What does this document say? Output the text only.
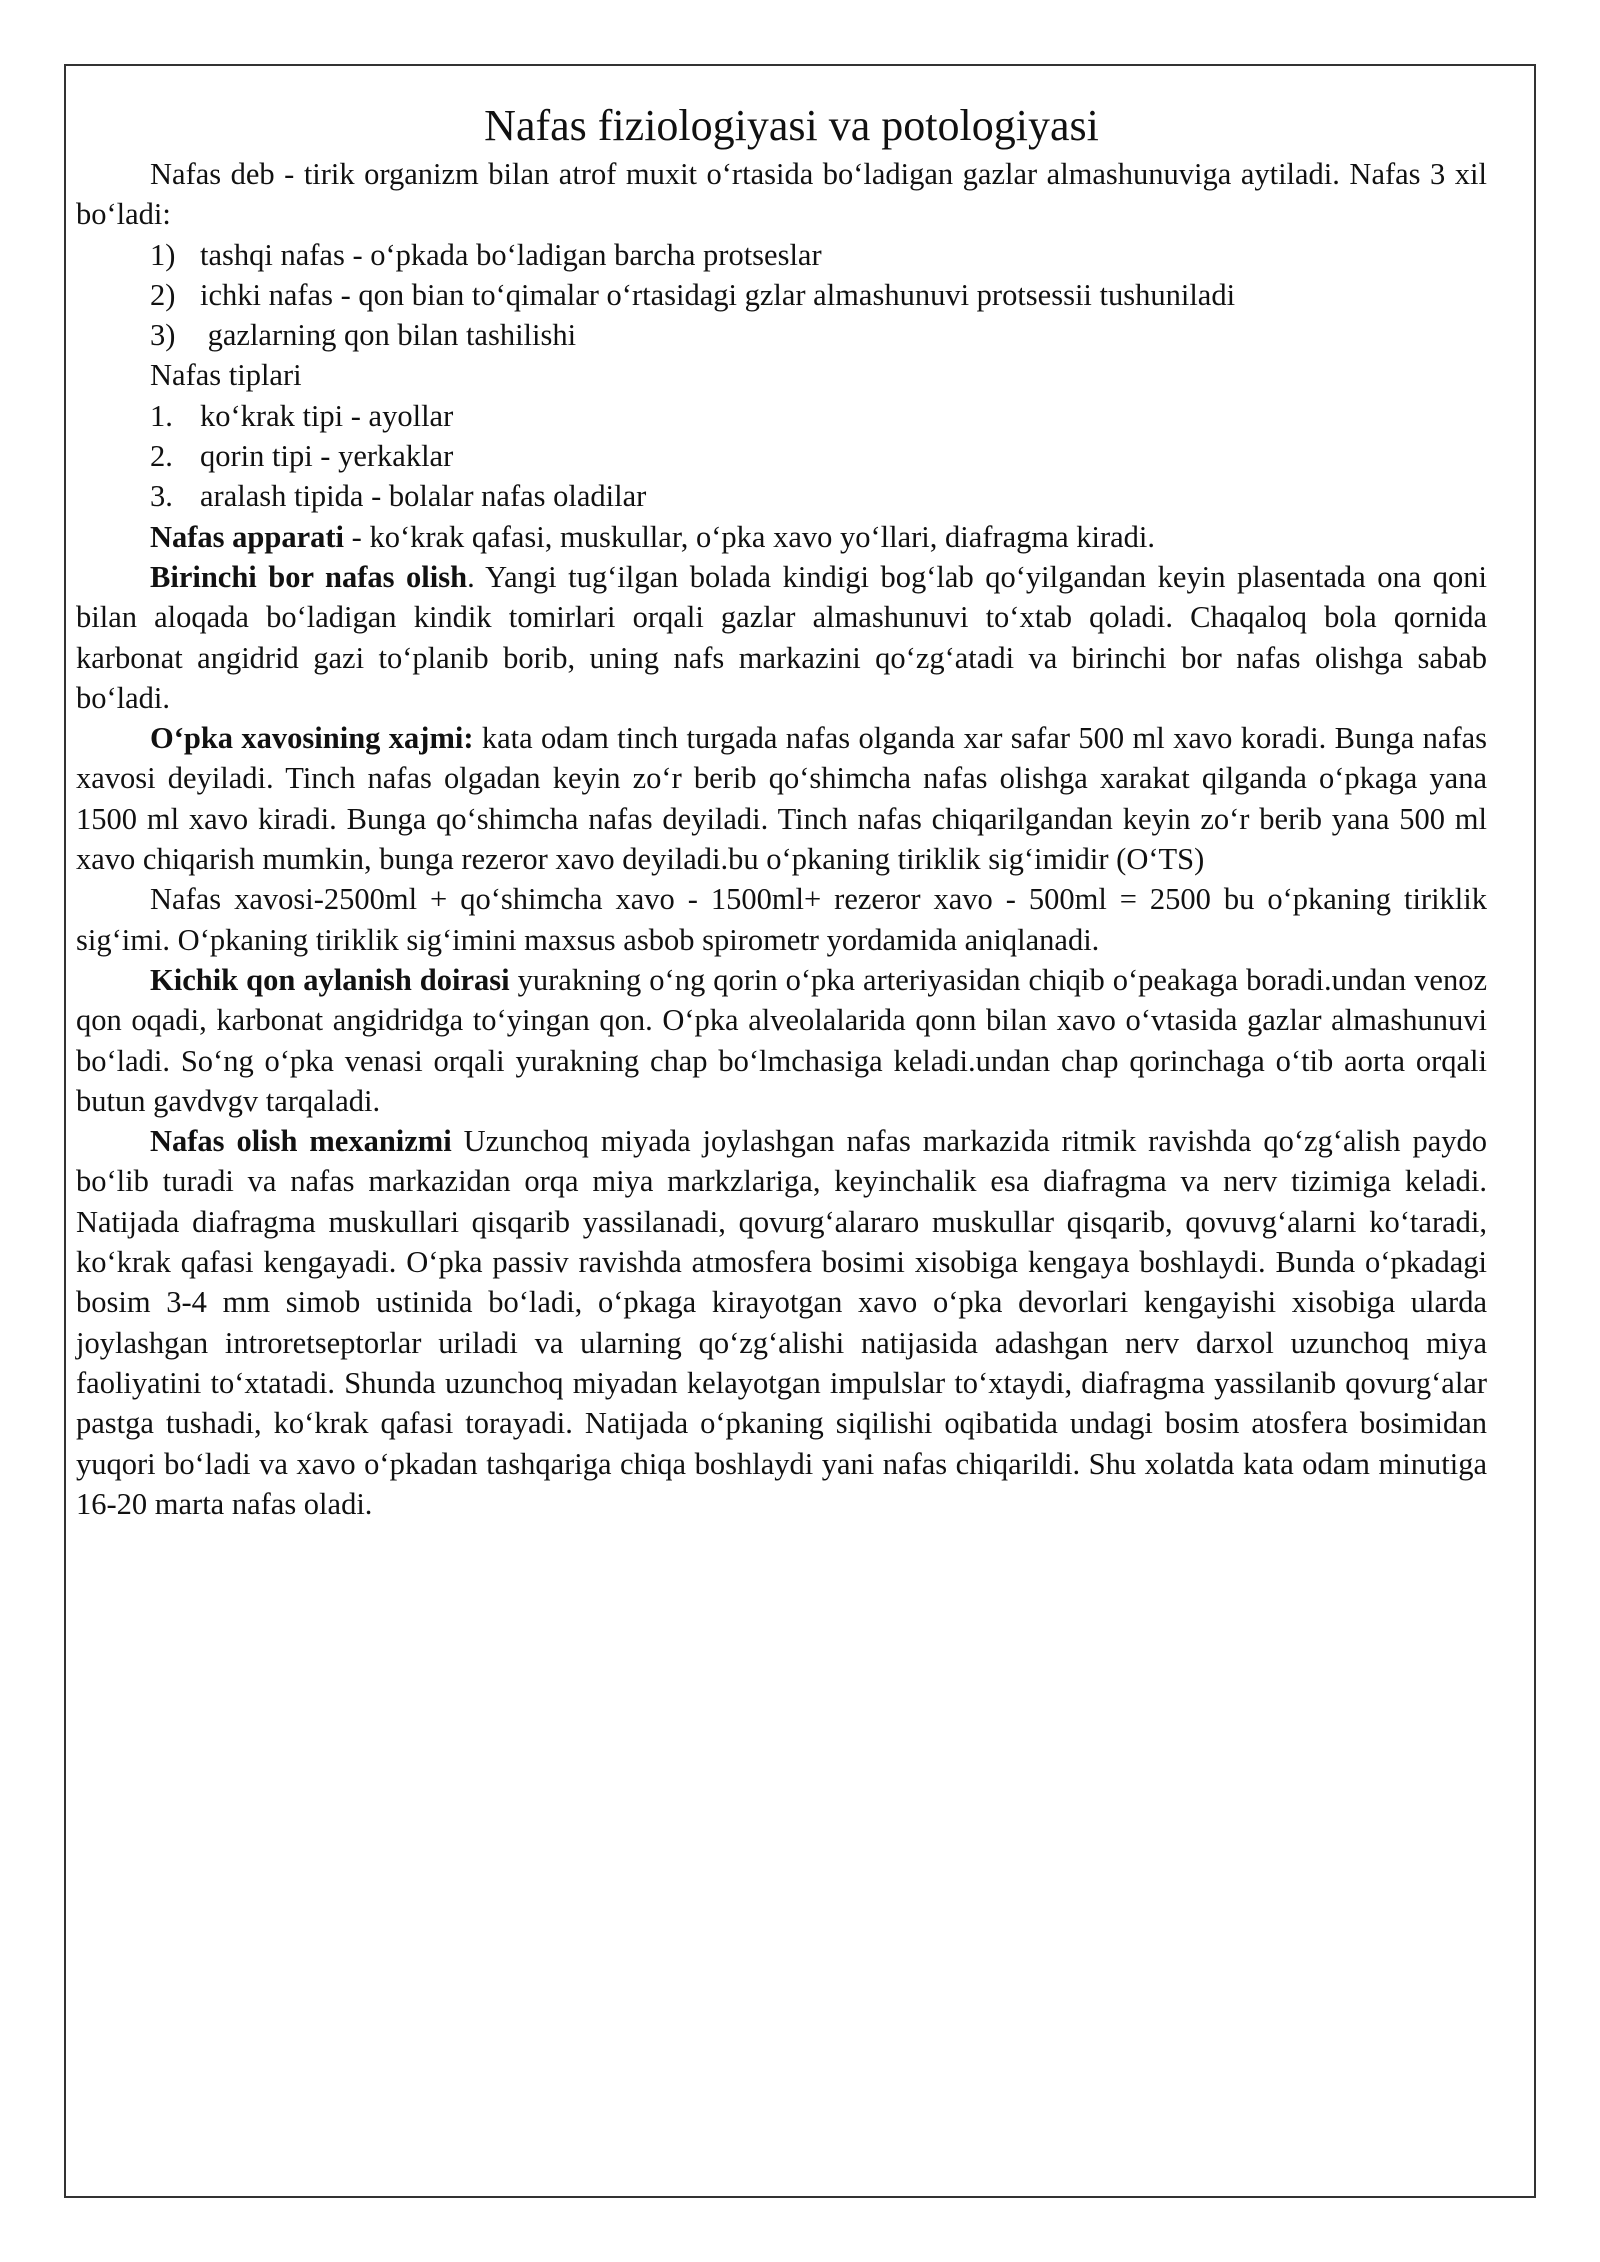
Nafas fiziologiyasi va potologiyasi

Nafas deb - tirik organizm bilan atrof muxit o‘rtasida bo‘ladigan gazlar almashunuviga aytiladi. Nafas 3 xil bo‘ladi:

1) tashqi nafas - o‘pkada bo‘ladigan barcha protseslar
2) ichki nafas - qon bian to‘qimalar o‘rtasidagi gzlar almashunuvi protsessii tushuniladi
3) gazlarning qon bilan tashilishi

Nafas tiplari

1. ko‘krak tipi - ayollar
2. qorin tipi - yerkaklar
3. aralash tipida - bolalar nafas oladilar

Nafas apparati - ko‘krak qafasi, muskullar, o‘pka xavo yo‘llari, diafragma kiradi.

Birinchi bor nafas olish. Yangi tug‘ilgan bolada kindigi bog‘lab qo‘yilgandan keyin plasentada ona qoni bilan aloqada bo‘ladigan kindik tomirlari orqali gazlar almashunuvi to‘xtab qoladi. Chaqaloq bola qornida karbonat angidrid gazi to‘planib borib, uning nafs markazini qo‘zg‘atadi va birinchi bor nafas olishga sabab bo‘ladi.

O‘pka xavosining xajmi: kata odam tinch turgada nafas olganda xar safar 500 ml xavo koradi. Bunga nafas xavosi deyiladi. Tinch nafas olgadan keyin zo‘r berib qo‘shimcha nafas olishga xarakat qilganda o‘pkaga yana 1500 ml xavo kiradi. Bunga qo‘shimcha nafas deyiladi. Tinch nafas chiqarilgandan keyin zo‘r berib yana 500 ml xavo chiqarish mumkin, bunga rezeror xavo deyiladi.bu o‘pkaning tiriklik sig‘imidir (O‘TS)

Nafas xavosi-2500ml + qo‘shimcha xavo - 1500ml+ rezeror xavo - 500ml = 2500 bu o‘pkaning tiriklik sig‘imi. O‘pkaning tiriklik sig‘imini maxsus asbob spirometr yordamida aniqlanadi.

Kichik qon aylanish doirasi yurakning o‘ng qorin o‘pka arteriyasidan chiqib o‘peakaga boradi.undan venoz qon oqadi, karbonat angidridga to‘yingan qon. O‘pka alveolalarida qonn bilan xavo o‘vtasida gazlar almashunuvi bo‘ladi. So‘ng o‘pka venasi orqali yurakning chap bo‘lmchasiga keladi.undan chap qorinchaga o‘tib aorta orqali butun gavdvgv tarqaladi.

Nafas olish mexanizmi Uzunchoq miyada joylashgan nafas markazida ritmik ravishda qo‘zg‘alish paydo bo‘lib turadi va nafas markazidan orqa miya markzlariga, keyinchalik esa diafragma va nerv tizimiga keladi. Natijada diafragma muskullari qisqarib yassilanadi, qovurg‘alararo muskullar qisqarib, qovuvg‘alarni ko‘taradi, ko‘krak qafasi kengayadi. O‘pka passiv ravishda atmosfera bosimi xisobiga kengaya boshlaydi. Bunda o‘pkadagi bosim 3-4 mm simob ustinida bo‘ladi, o‘pkaga kirayotgan xavo o‘pka devorlari kengayishi xisobiga ularda joylashgan introretseptorlar uriladi va ularning qo‘zg‘alishi natijasida adashgan nerv darxol uzunchoq miya faoliyatini to‘xtatadi. Shunda uzunchoq miyadan kelayotgan impulslar to‘xtaydi, diafragma yassilanib qovurg‘alar pastga tushadi, ko‘krak qafasi torayadi. Natijada o‘pkaning siqilishi oqibatida undagi bosim atosfera bosimidan yuqori bo‘ladi va xavo o‘pkadan tashqariga chiqa boshlaydi yani nafas chiqarildi. Shu xolatda kata odam minutiga 16-20 marta nafas oladi.
